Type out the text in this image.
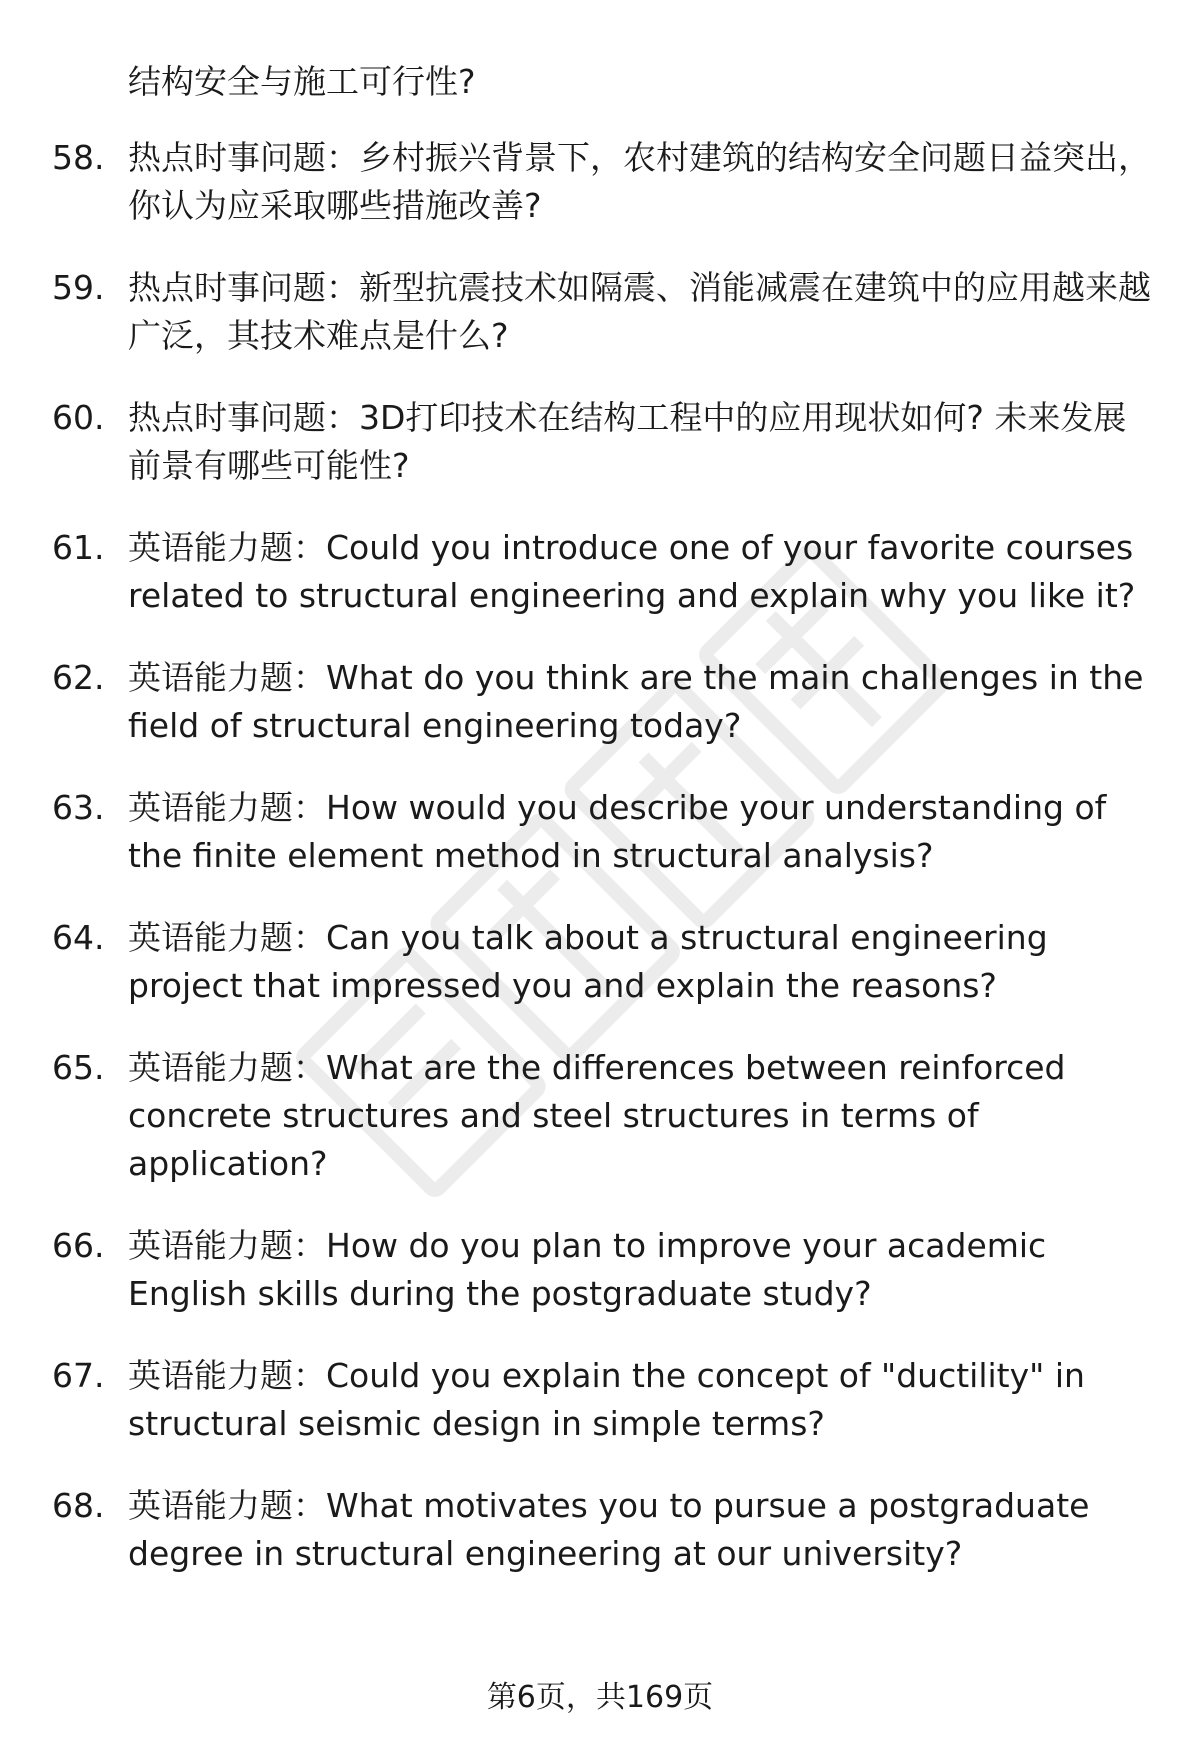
结构安全与施工可行性?
58. 热点时事问题：乡村振兴背景下，农村建筑的结构安全问题日益突出，你认为应采取哪些措施改善?
59. 热点时事问题：新型抗震技术如隔震、消能减震在建筑中的应用越来越广泛，其技术难点是什么?
60. 热点时事问题：3D打印技术在结构工程中的应用现状如何? 未来发展前景有哪些可能性?
61. 英语能力题：Could you introduce one of your favorite courses related to structural engineering and explain why you like it?
62. 英语能力题：What do you think are the main challenges in the field of structural engineering today?
63. 英语能力题：How would you describe your understanding of the finite element method in structural analysis?
64. 英语能力题：Can you talk about a structural engineering project that impressed you and explain the reasons?
65. 英语能力题：What are the differences between reinforced concrete structures and steel structures in terms of application?
66. 英语能力题：How do you plan to improve your academic English skills during the postgraduate study?
67. 英语能力题：Could you explain the concept of "ductility" in structural seismic design in simple terms?
68. 英语能力题：What motivates you to pursue a postgraduate degree in structural engineering at our university?
第6页，共169页
